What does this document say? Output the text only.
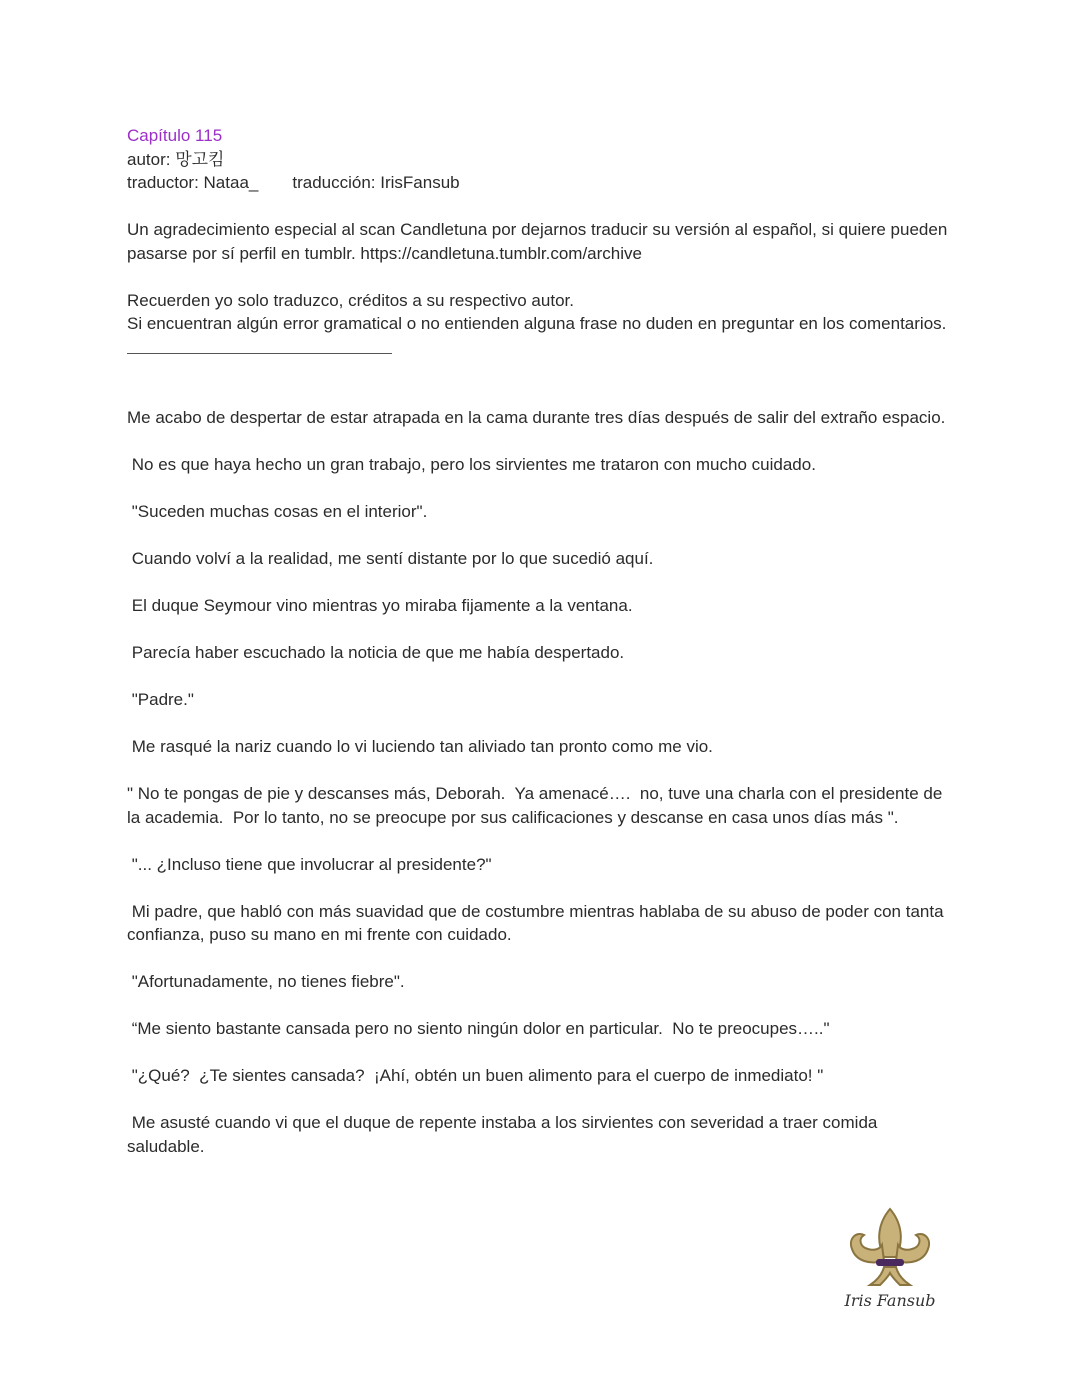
Capítulo 115

autor: 망고킴

traductor: Nataa_ traducción: IrisFansub

Un agradecimiento especial al scan Candletuna por dejarnos traducir su versión al español, si quiere pueden pasarse por sí perfil en tumblr. https://candletuna.tumblr.com/archive

Recuerden yo solo traduzco, créditos a su respectivo autor.

Si encuentran algún error gramatical o no entienden alguna frase no duden en preguntar en los comentarios.

Me acabo de despertar de estar atrapada en la cama durante tres días después de salir del extraño espacio.

No es que haya hecho un gran trabajo, pero los sirvientes me trataron con mucho cuidado.

"Suceden muchas cosas en el interior".

Cuando volví a la realidad, me sentí distante por lo que sucedió aquí.

El duque Seymour vino mientras yo miraba fijamente a la ventana.

Parecía haber escuchado la noticia de que me había despertado.

"Padre."

Me rasqué la nariz cuando lo vi luciendo tan aliviado tan pronto como me vio.

" No te pongas de pie y descanses más, Deborah.  Ya amenacé….  no, tuve una charla con el presidente de la academia.  Por lo tanto, no se preocupe por sus calificaciones y descanse en casa unos días más ".

"... ¿Incluso tiene que involucrar al presidente?"

Mi padre, que habló con más suavidad que de costumbre mientras hablaba de su abuso de poder con tanta confianza, puso su mano en mi frente con cuidado.

"Afortunadamente, no tienes fiebre".

“Me siento bastante cansada pero no siento ningún dolor en particular.  No te preocupes….."

"¿Qué?  ¿Te sientes cansada?  ¡Ahí, obtén un buen alimento para el cuerpo de inmediato! "

Me asusté cuando vi que el duque de repente instaba a los sirvientes con severidad a traer comida saludable.

Iris Fansub
